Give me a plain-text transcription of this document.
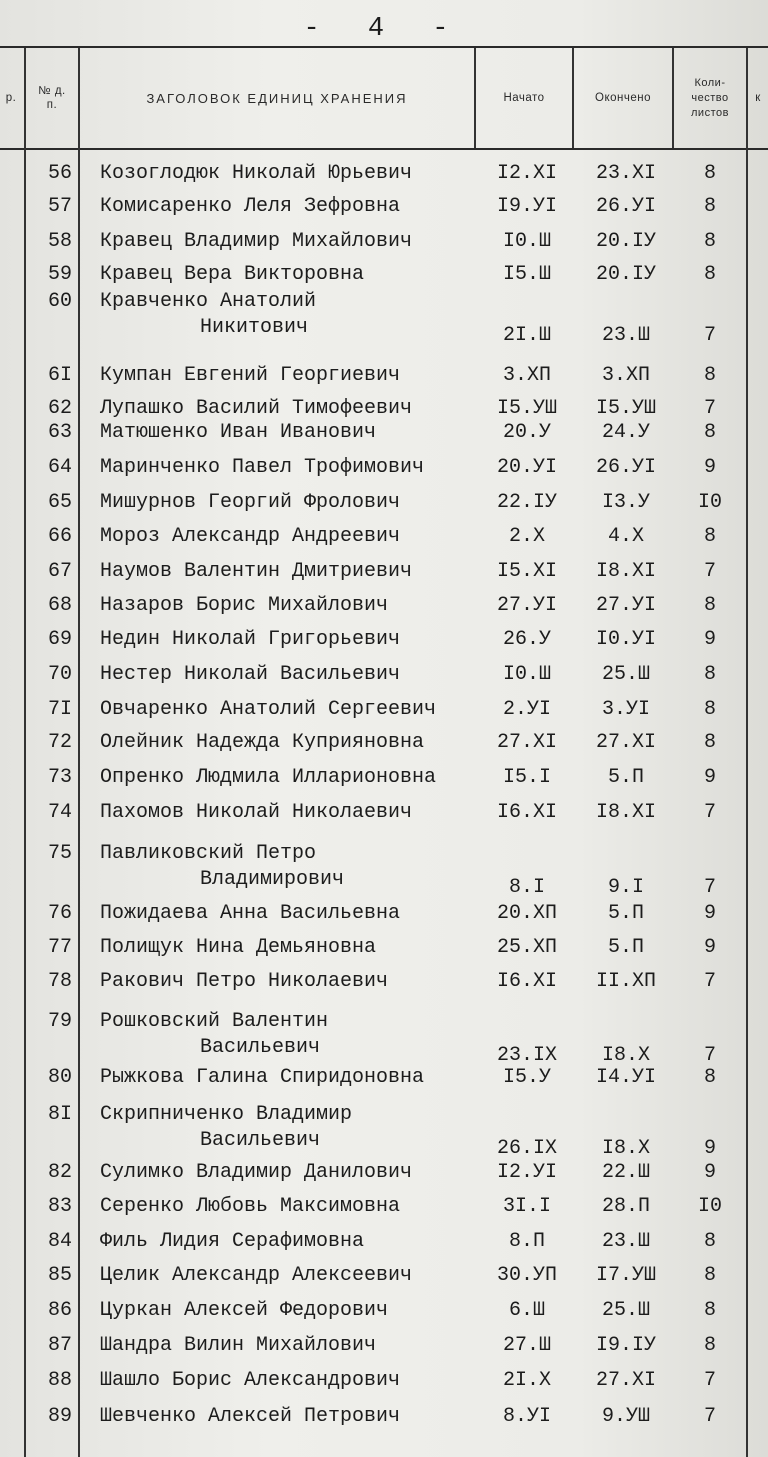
- 4 -
р.
№ д. п.	ЗАГОЛОВОК ЕДИНИЦ ХРАНЕНИЯ	Начато	Окончено
Коли-
чество
листов
к
56 Козоглодюк Николай Юрьевич	I2.XI	23.XI	8
57 Комисаренко Леля Зефровна	I9.УI	26.УI	8
58 Кравец Владимир Михайлович	I0.Ш	20.IУ	8
59 Кравец Вера Викторовна	I5.Ш	20.IУ	8
60 Кравченко Анатолий
Никитович	2I.Ш	23.Ш	7
6I Кумпан Евгений Георгиевич	3.XП	3.XП	8
62 Лупашко Василий Тимофеевич	I5.УШ	I5.УШ	7
63 Матюшенко Иван Иванович	20.У	24.У	8
64 Маринченко Павел Трофимович	20.УI	26.УI	9
65 Мишурнов Георгий Фролович	22.IУ	I3.У	I0
66 Мороз Александр Андреевич	2.X	4.X	8
67 Наумов Валентин Дмитриевич	I5.XI	I8.XI	7
68 Назаров Борис Михайлович	27.УI	27.УI	8
69 Недин Николай Григорьевич	26.У	I0.УI	9
70 Нестер Николай Васильевич	I0.Ш	25.Ш	8
7I Овчаренко Анатолий Сергеевич	2.УI	3.УI	8
72 Олейник Надежда Куприяновна	27.XI	27.XI	8
73 Опренко Людмила Илларионовна	I5.I	5.П	9
74 Пахомов Николай Николаевич	I6.XI	I8.XI	7
75 Павликовский Петро
Владимирович	8.I	9.I	7
76 Пожидаева Анна Васильевна	20.XП	5.П	9
77 Полищук Нина Демьяновна	25.XП	5.П	9
78 Ракович Петро Николаевич	I6.XI	II.XП	7
79 Рошковский Валентин
Васильевич	23.IX	I8.X	7
80 Рыжкова Галина Спиридоновна	I5.У	I4.УI	8
8I Скрипниченко Владимир
Васильевич	26.IX	I8.X	9
82 Сулимко Владимир Данилович	I2.УI	22.Ш	9
83 Серенко Любовь Максимовна	3I.I	28.П	I0
84 Филь Лидия Серафимовна	8.П	23.Ш	8
85 Целик Александр Алексеевич	30.УП	I7.УШ	8
86 Цуркан Алексей Федорович	6.Ш	25.Ш	8
87 Шандра Вилин Михайлович	27.Ш	I9.IУ	8
88 Шашло Борис Александрович	2I.X	27.XI	7
89 Шевченко Алексей Петрович	8.УI	9.УШ	7
